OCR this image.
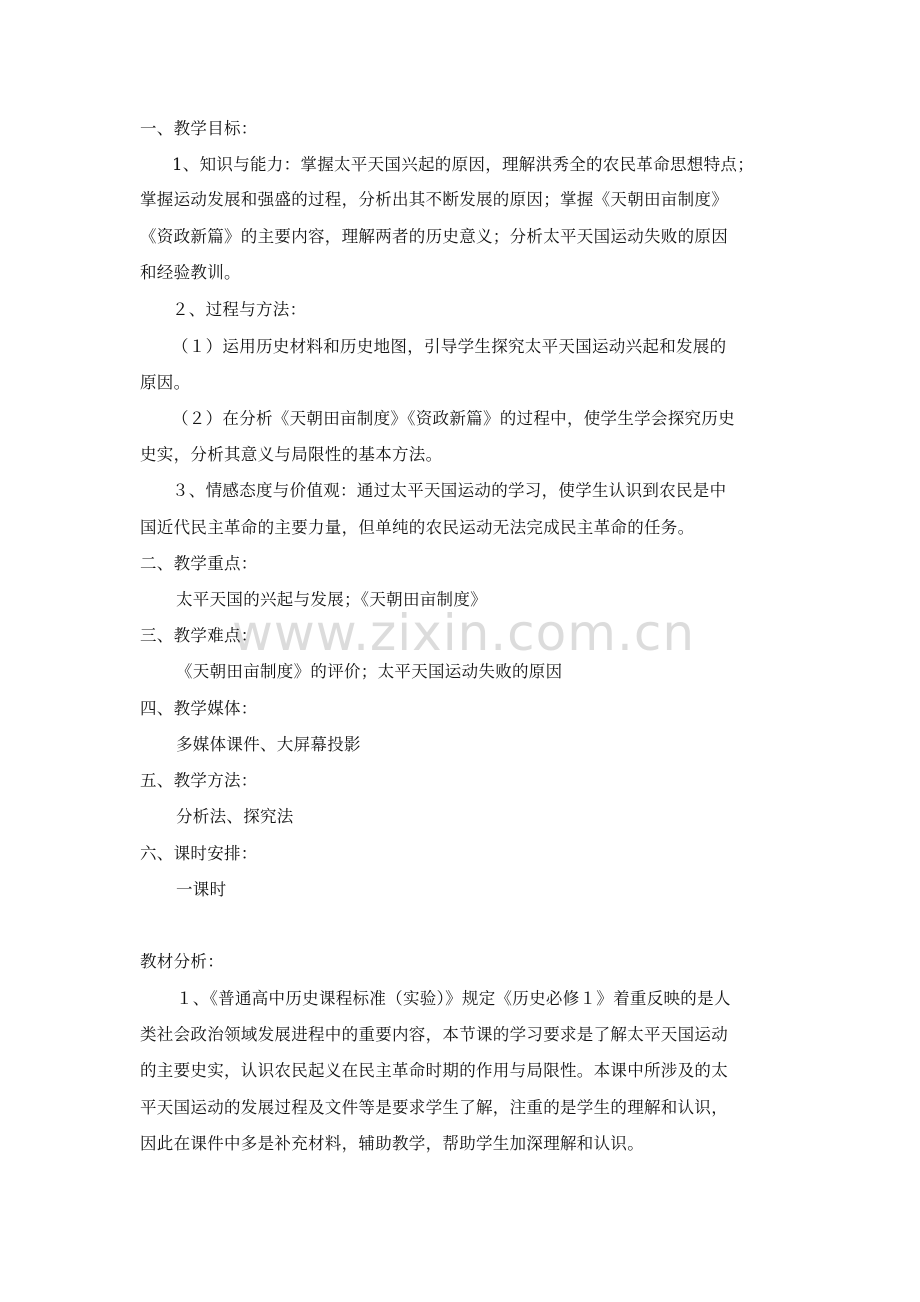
www.zixin.com.cn
一、教学目标：
1、知识与能力：掌握太平天国兴起的原因，理解洪秀全的农民革命思想特点；
掌握运动发展和强盛的过程，分析出其不断发展的原因；掌握《天朝田亩制度》
《资政新篇》的主要内容，理解两者的历史意义；分析太平天国运动失败的原因
和经验教训。
２、过程与方法：
（１）运用历史材料和历史地图，引导学生探究太平天国运动兴起和发展的
原因。
（２）在分析《天朝田亩制度》《资政新篇》的过程中，使学生学会探究历史
史实，分析其意义与局限性的基本方法。
３、情感态度与价值观：通过太平天国运动的学习，使学生认识到农民是中
国近代民主革命的主要力量，但单纯的农民运动无法完成民主革命的任务。
二、教学重点：
太平天国的兴起与发展；《天朝田亩制度》
三、教学难点：
《天朝田亩制度》的评价；太平天国运动失败的原因
四、教学媒体：
多媒体课件、大屏幕投影
五、教学方法：
分析法、探究法
六、课时安排：
一课时
教材分析：
１、《普通高中历史课程标准（实验）》规定《历史必修１》着重反映的是人
类社会政治领域发展进程中的重要内容，本节课的学习要求是了解太平天国运动
的主要史实，认识农民起义在民主革命时期的作用与局限性。本课中所涉及的太
平天国运动的发展过程及文件等是要求学生了解，注重的是学生的理解和认识，
因此在课件中多是补充材料，辅助教学，帮助学生加深理解和认识。
